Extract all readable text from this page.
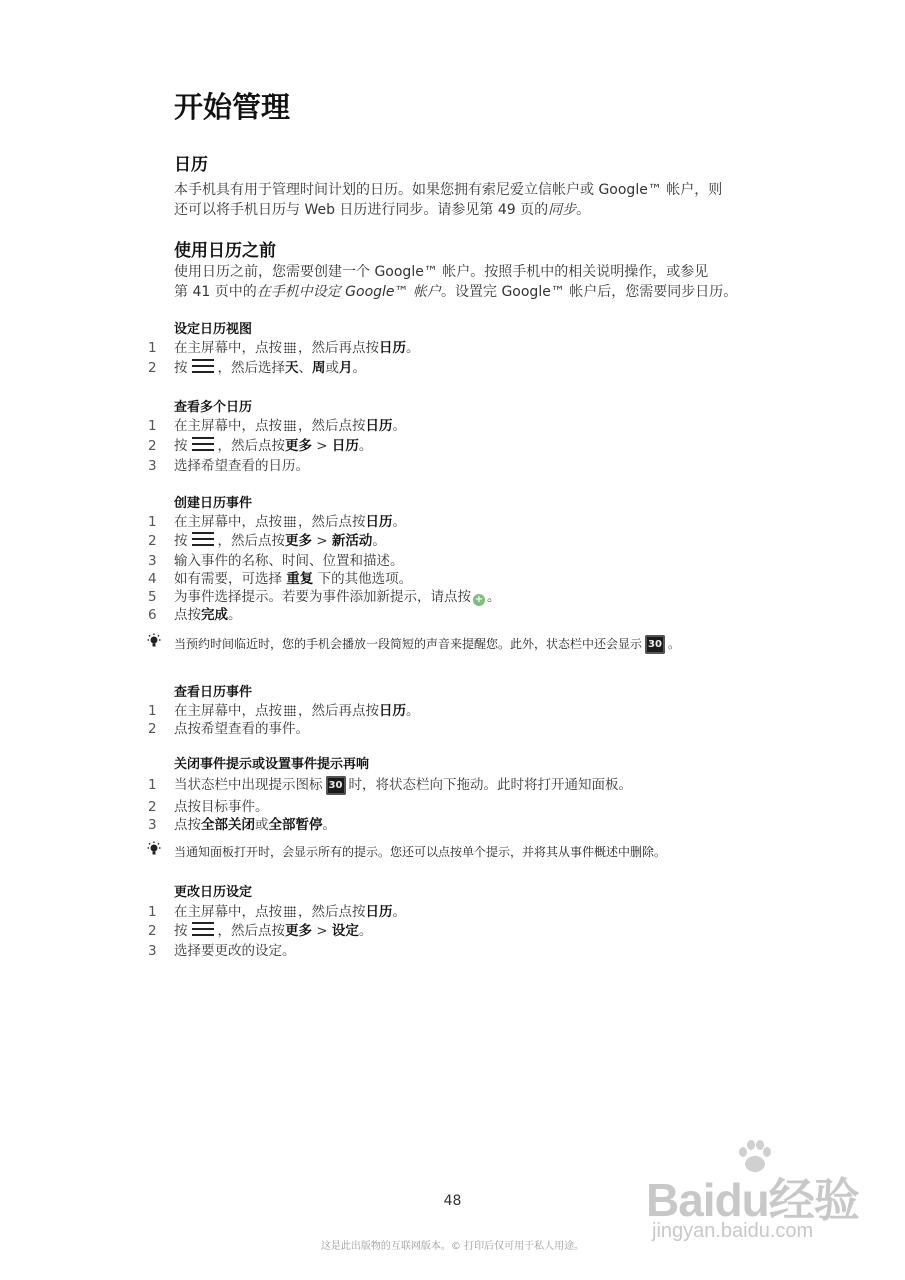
开始管理
日历
本手机具有用于管理时间计划的日历。如果您拥有索尼爱立信帐户或 Google™ 帐户，则
还可以将手机日历与 Web 日历进行同步。请参见第 49 页的同步。
使用日历之前
使用日历之前，您需要创建一个 Google™ 帐户。按照手机中的相关说明操作，或参见
第 41 页中的在手机中设定 Google™ 帐户。设置完 Google™ 帐户后，您需要同步日历。
设定日历视图
1 在主屏幕中，点按 ，然后再点按日历。
2 按 ，然后选择天、周或月。
查看多个日历
1 在主屏幕中，点按 ，然后点按日历。
2 按 ，然后点按更多 > 日历。
3 选择希望查看的日历。
创建日历事件
1 在主屏幕中，点按 ，然后点按日历。
2 按 ，然后点按更多 > 新活动。
3 输入事件的名称、时间、位置和描述。
4 如有需要，可选择 重复 下的其他选项。
5 为事件选择提示。若要为事件添加新提示，请点按 + 。
6 点按完成。
当预约时间临近时，您的手机会播放一段简短的声音来提醒您。此外，状态栏中还会显示 30 。
查看日历事件
1 在主屏幕中，点按 ，然后再点按日历。
2 点按希望查看的事件。
关闭事件提示或设置事件提示再响
1 当状态栏中出现提示图标 30 时，将状态栏向下拖动。此时将打开通知面板。
2 点按目标事件。
3 点按全部关闭或全部暂停。
当通知面板打开时，会显示所有的提示。您还可以点按单个提示，并将其从事件概述中删除。
更改日历设定
1 在主屏幕中，点按 ，然后点按日历。
2 按 ，然后点按更多 > 设定。
3 选择要更改的设定。
48
这是此出版物的互联网版本。© 打印后仅可用于私人用途。
Baidu经验
jingyan.baidu.com
